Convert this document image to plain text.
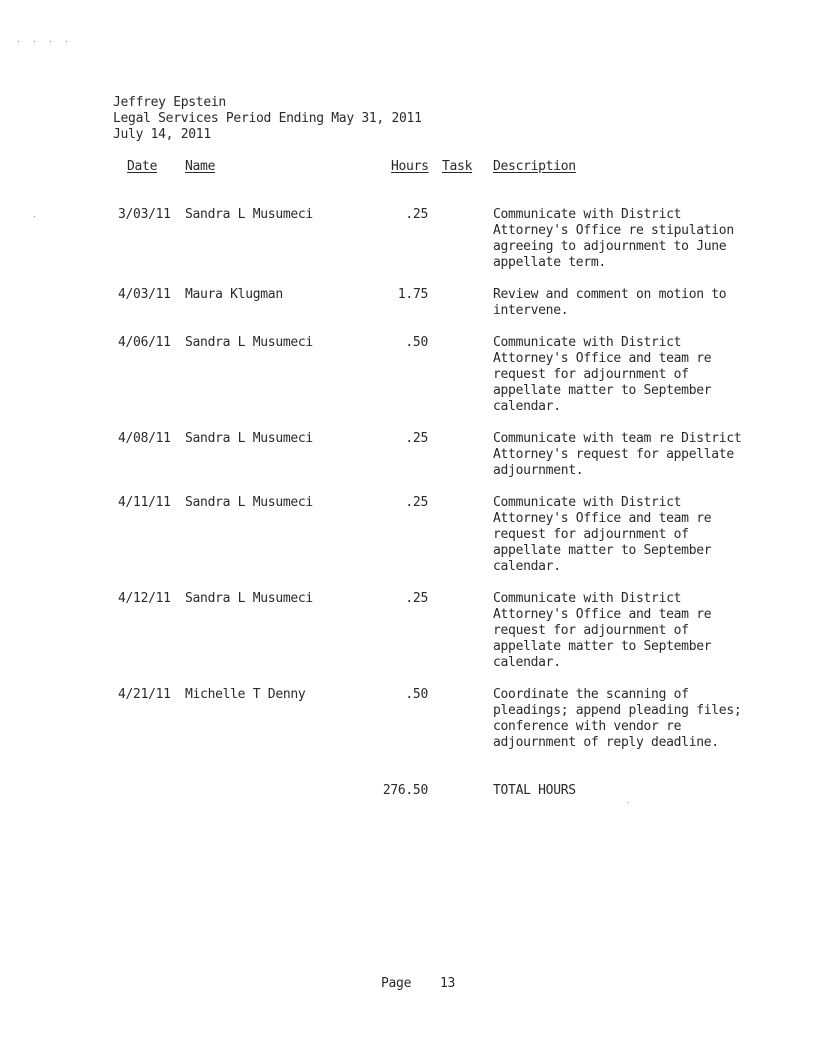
Jeffrey Epstein
Legal Services Period Ending May 31, 2011
July 14, 2011
Date Name	Hours Task Description
3/03/11 Sandra L Musumeci	.25	Communicate with District
Attorney's Office re stipulation
agreeing to adjournment to June
appellate term.
4/03/11 Maura Klugman	1.75	Review and comment on motion to
intervene.
4/06/11 Sandra L Musumeci	.50	Communicate with District
Attorney's Office and team re
request for adjournment of
appellate matter to September
calendar.
4/08/11 Sandra L Musumeci	.25	Communicate with team re District
Attorney's request for appellate
adjournment.
4/11/11 Sandra L Musumeci	.25	Communicate with District
Attorney's Office and team re
request for adjournment of
appellate matter to September
calendar.
4/12/11 Sandra L Musumeci	.25	Communicate with District
Attorney's Office and team re
request for adjournment of
appellate matter to September
calendar.
4/21/11 Michelle T Denny	.50	Coordinate the scanning of
pleadings; append pleading files;
conference with vendor re
adjournment of reply deadline.
276.50	TOTAL HOURS
Page 13
